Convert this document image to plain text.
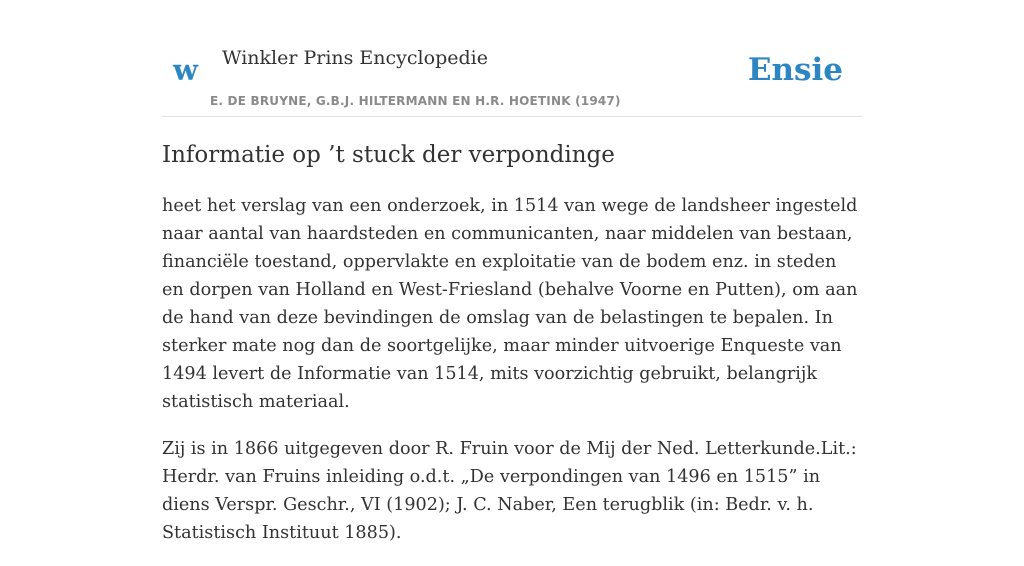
w Winkler Prins Encyclopedie
E. DE BRUYNE, G.B.J. HILTERMANN EN H.R. HOETINK (1947)
Ensie
Informatie op ’t stuck der verpondinge

heet het verslag van een onderzoek, in 1514 van wege de landsheer ingesteld naar aantal van haardsteden en communicanten, naar middelen van bestaan, financiële toestand, oppervlakte en exploitatie van de bodem enz. in steden en dorpen van Holland en West-Friesland (behalve Voorne en Putten), om aan de hand van deze bevindingen de omslag van de belastingen te bepalen. In sterker mate nog dan de soortgelijke, maar minder uitvoerige Enqueste van 1494 levert de Informatie van 1514, mits voorzichtig gebruikt, belangrijk statistisch materiaal.

Zij is in 1866 uitgegeven door R. Fruin voor de Mij der Ned. Letterkunde.Lit.: Herdr. van Fruins inleiding o.d.t. „De verpondingen van 1496 en 1515” in diens Verspr. Geschr., VI (1902); J. C. Naber, Een terugblik (in: Bedr. v. h. Statistisch Instituut 1885).
